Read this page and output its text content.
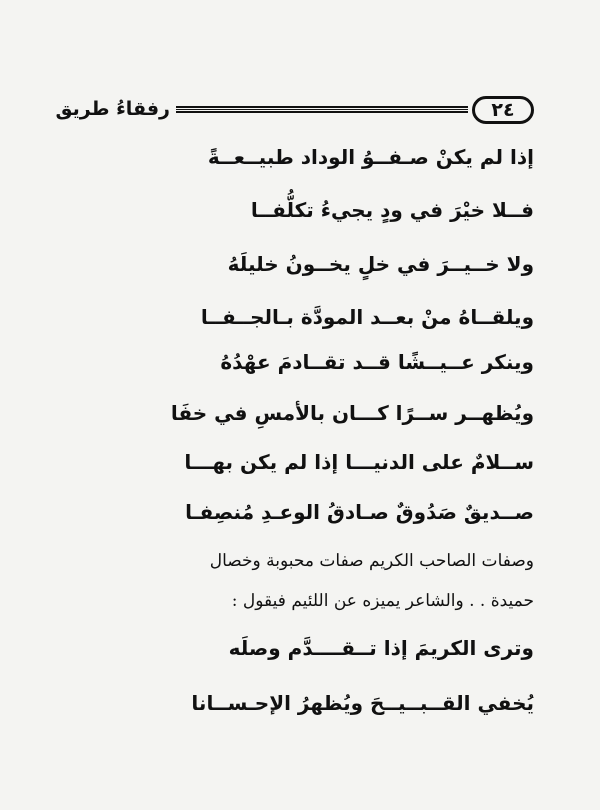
٢٤
رفقاءُ طريق
إذا لم يكنْ صـفــوُ الوداد طبيــعــةً
فــلا خيْرَ في ودٍ يجيءُ تكلُّفــا
ولا خــيــرَ في خلٍ يخــونُ خليلَهُ
ويلقــاهُ منْ بعــد المودَّة بـالجــفــا
وينكر عــيــشًا قــد تقــادمَ عهْدُهُ
ويُظهــر ســرًا كـــان بالأمسِ في خفَا
ســلامٌ على الدنيـــا إذا لم يكن بهـــا
صــديقٌ صَدُوقٌ صـادقُ الوعـدِ مُنصِفـا
وصفات الصاحب الكريم صفات محبوبة وخصال
حميدة . . والشاعر يميزه عن اللئيم فيقول :
وترى الكريمَ إذا تــقــــدَّم وصلَه
يُخفي القــبــيــحَ ويُظهرُ الإحـســانا
